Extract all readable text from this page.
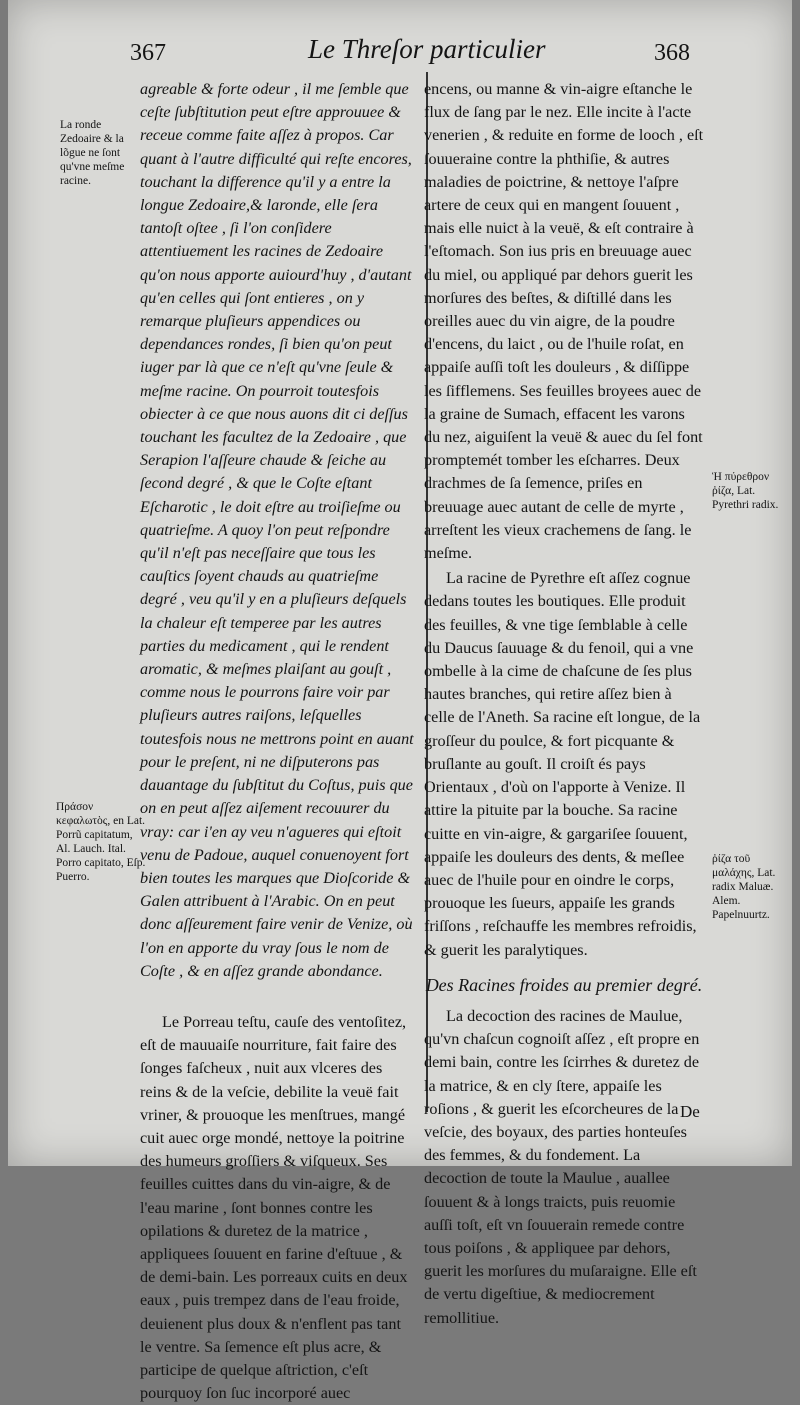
367	Le Threſor particulier	368
La ronde Zedoaire & la lõgue ne ſont qu'vne meſme racine.
Πράσον κεφαλωτὸς, en Lat. Porrũ capitatum, Al. Lauch. Ital. Porro capitato, Eſp. Puerro.

agreable & forte odeur , il me ſemble que ceſte ſubſtitution peut eſtre approuuee & receue comme faite aſſez à propos. Car quant à l'autre difficulté qui reſte encores, touchant la difference qu'il y a entre la longue Zedoaire,& laronde, elle ſera tantoſt oſtee , ſi l'on conſidere attentiuement les racines de Zedoaire qu'on nous apporte auiourd'huy , d'autant qu'en celles qui ſont entieres , on y remarque pluſieurs appendices ou dependances rondes, ſi bien qu'on peut iuger par là que ce n'eſt qu'vne ſeule & meſme racine. On pourroit toutesfois obiecter à ce que nous auons dit ci deſſus touchant les facultez de la Zedoaire , que Serapion l'aſſeure chaude & ſeiche au ſecond degré , & que le Coſte eſtant Eſcharotic , le doit eſtre au troiſieſme ou quatrieſme. A quoy l'on peut reſpondre qu'il n'eſt pas neceſſaire que tous les cauſtics ſoyent chauds au quatrieſme degré , veu qu'il y en a pluſieurs deſquels la chaleur eſt temperee par les autres parties du medicament , qui le rendent aromatic, & meſmes plaiſant au gouſt , comme nous le pourrons faire voir par pluſieurs autres raiſons, leſquelles toutesfois nous ne mettrons point en auant pour le preſent, ni ne diſputerons pas dauantage du ſubſtitut du Coſtus, puis que on en peut aſſez aiſement recouurer du vray: car i'en ay veu n'agueres qui eſtoit venu de Padoue, auquel conuenoyent fort bien toutes les marques que Dioſcoride & Galen attribuent à l'Arabic. On en peut donc aſſeurement faire venir de Venize, où l'on en apporte du vray ſous le nom de Coſte , & en aſſez grande abondance.

Le Porreau teſtu, cauſe des ventoſitez, eſt de mauuaiſe nourriture, fait faire des ſonges faſcheux , nuit aux vlceres des reins & de la veſcie, debilite la veuë fait vriner, & prouoque les menſtrues, mangé cuit auec orge mondé, nettoye la poitrine des humeurs groſſiers & viſqueux. Ses feuilles cuittes dans du vin-aigre, & de l'eau marine , ſont bonnes contre les opilations & duretez de la matrice , appliquees ſouuent en farine d'eſtuue , & de demi-bain. Les porreaux cuits en deux eaux , puis trempez dans de l'eau froide, deuienent plus doux & n'enflent pas tant le ventre. Sa ſemence eſt plus acre, & participe de quelque aſtriction, c'eſt pourquoy ſon ſuc incorporé auec

encens, ou manne & vin-aigre eſtanche le flux de ſang par le nez. Elle incite à l'acte venerien , & reduite en forme de looch , eſt ſouueraine contre la phthiſie, & autres maladies de poictrine, & nettoye l'aſpre artere de ceux qui en mangent ſouuent , mais elle nuict à la veuë, & eſt contraire à l'eſtomach. Son ius pris en breuuage auec du miel, ou appliqué par dehors guerit les morſures des beſtes, & diſtillé dans les oreilles auec du vin aigre, de la poudre d'encens, du laict , ou de l'huile roſat, en appaiſe auſſi toſt les douleurs , & diſſippe les ſifflemens. Ses feuilles broyees auec de la graine de Sumach, effacent les varons du nez, aiguiſent la veuë & auec du ſel font promptemét tomber les eſcharres. Deux drachmes de ſa ſemence, priſes en breuuage auec autant de celle de myrte , arreſtent les vieux crachemens de ſang. le meſme.

La racine de Pyrethre eſt aſſez cognue dedans toutes les boutiques. Elle produit des feuilles, & vne tige ſemblable à celle du Daucus ſauuage & du fenoil, qui a vne ombelle à la cime de chaſcune de ſes plus hautes branches, qui retire aſſez bien à celle de l'Aneth. Sa racine eſt longue, de la groſſeur du poulce, & fort picquante & bruſlante au gouſt. Il croiſt és pays Orientaux , d'où on l'apporte à Venize. Il attire la pituite par la bouche. Sa racine cuitte en vin-aigre, & gargariſee ſouuent, appaiſe les douleurs des dents, & meſlee auec de l'huile pour en oindre le corps, prouoque les ſueurs, appaiſe les grands friſſons , reſchauffe les membres refroidis, & guerit les paralytiques.

Des Racines froides au premier degré.

La decoction des racines de Maulue, qu'vn chaſcun cognoiſt aſſez , eſt propre en demi bain, contre les ſcirrhes & duretez de la matrice, & en cly ſtere, appaiſe les roſions , & guerit les eſcorcheures de la veſcie, des boyaux, des parties honteuſes des femmes, & du fondement. La decoction de toute la Maulue , auallee ſouuent & à longs traicts, puis reuomie auſſi toſt, eſt vn ſouuerain remede contre tous poiſons , & appliquee par dehors, guerit les morſures du muſaraigne. Elle eſt de vertu digeſtiue, & mediocrement remollitiue.

Ἡ πύρεθρον ῥίζα, Lat. Pyrethri radix.
ῥίζα τοῦ μαλάχης, Lat. radix Maluæ. Alem. Papelnuurtz.
De
